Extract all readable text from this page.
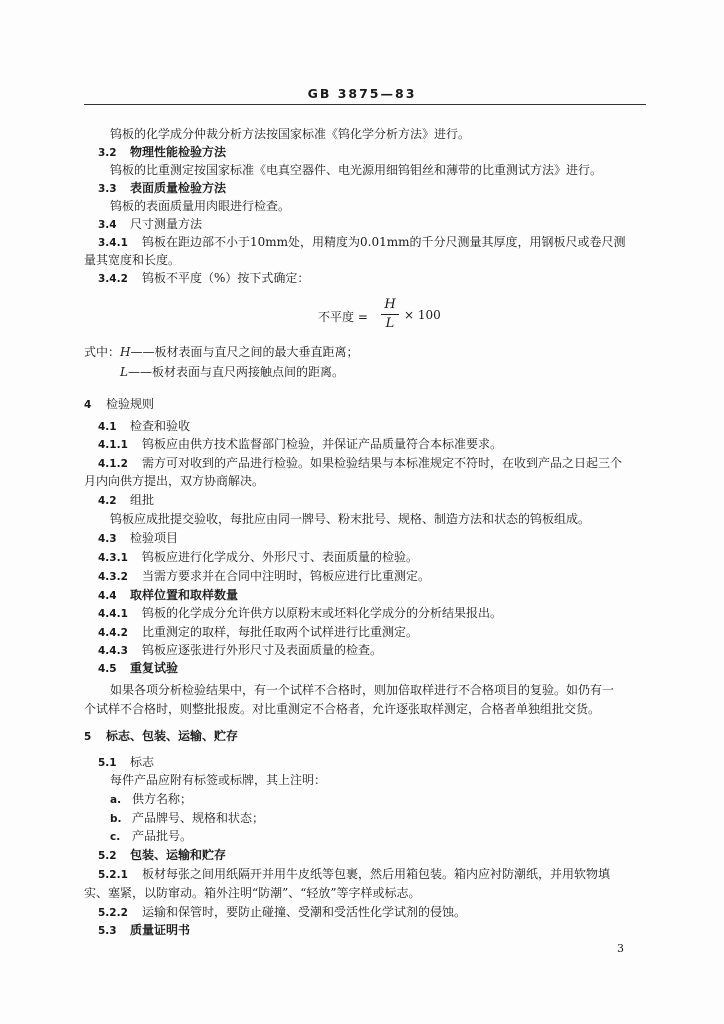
GB 3875—83
钨板的化学成分仲裁分析方法按国家标准《钨化学分析方法》进行。
3.2 物理性能检验方法
钨板的比重测定按国家标准《电真空器件、电光源用细钨钼丝和薄带的比重测试方法》进行。
3.3 表面质量检验方法
钨板的表面质量用肉眼进行检查。
3.4 尺寸测量方法
3.4.1 钨板在距边部不小于10mm处，用精度为0.01mm的千分尺测量其厚度，用钢板尺或卷尺测
量其宽度和长度。
3.4.2 钨板不平度（%）按下式确定：
4 检验规则
4.1 检查和验收
4.1.1 钨板应由供方技术监督部门检验，并保证产品质量符合本标准要求。
4.1.2 需方可对收到的产品进行检验。如果检验结果与本标准规定不符时，在收到产品之日起三个
月内向供方提出，双方协商解决。
4.2 组批
钨板应成批提交验收，每批应由同一牌号、粉末批号、规格、制造方法和状态的钨板组成。
4.3 检验项目
4.3.1 钨板应进行化学成分、外形尺寸、表面质量的检验。
4.3.2 当需方要求并在合同中注明时，钨板应进行比重测定。
4.4 取样位置和取样数量
4.4.1 钨板的化学成分允许供方以原粉末或坯料化学成分的分析结果报出。
4.4.2 比重测定的取样，每批任取两个试样进行比重测定。
4.4.3 钨板应逐张进行外形尺寸及表面质量的检查。
4.5 重复试验
如果各项分析检验结果中，有一个试样不合格时，则加倍取样进行不合格项目的复验。如仍有一
个试样不合格时，则整批报废。对比重测定不合格者，允许逐张取样测定，合格者单独组批交货。
5 标志、包装、运输、贮存
5.1 标志
每件产品应附有标签或标牌，其上注明：
a. 供方名称；
b. 产品牌号、规格和状态；
c. 产品批号。
5.2 包装、运输和贮存
5.2.1 板材每张之间用纸隔开并用牛皮纸等包裹，然后用箱包装。箱内应衬防潮纸，并用软物填
实、塞紧，以防窜动。箱外注明“防潮”、“轻放”等字样或标志。
5.2.2 运输和保管时，要防止碰撞、受潮和受活性化学试剂的侵蚀。
5.3 质量证明书
不平度 =
H
L
× 100
式中：H——板材表面与直尺之间的最大垂直距离；
L——板材表面与直尺两接触点间的距离。
3
